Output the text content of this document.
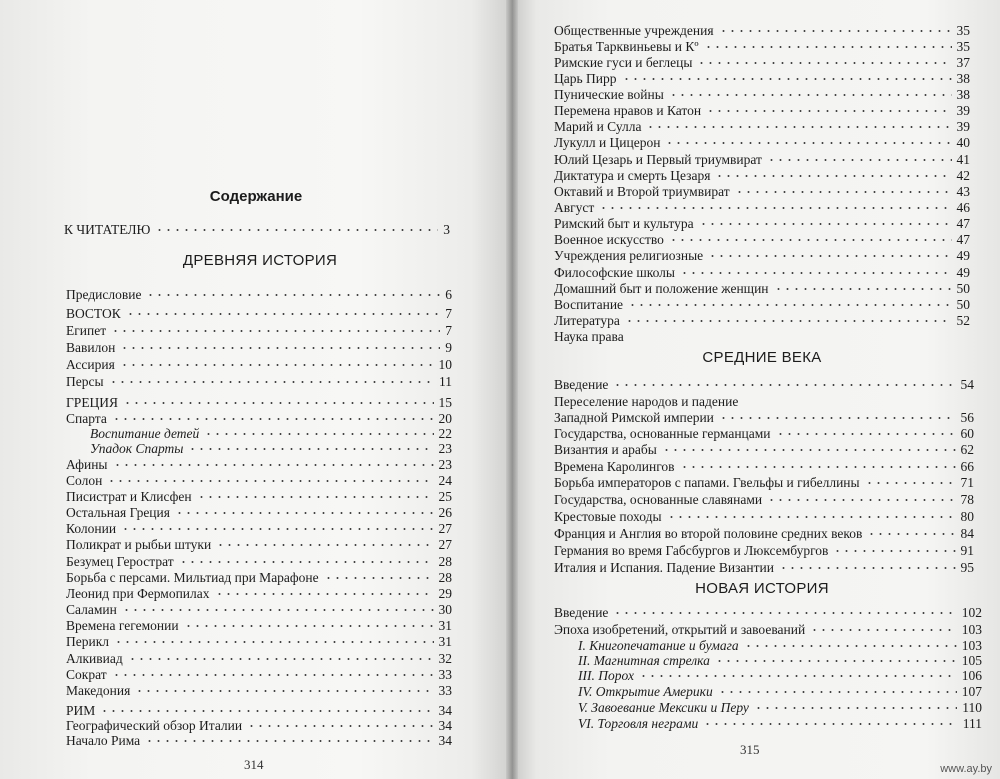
Содержание
ДРЕВНЯЯ ИСТОРИЯ
К ЧИТАТЕЛЮ	3
Предисловие	6
ВОСТОК	7
Египет	7
Вавилон	9
Ассирия	10
Персы	11
ГРЕЦИЯ	15
Спарта	20
Воспитание детей	22
Упадок Спарты	23
Афины	23
Солон	24
Писистрат и Клисфен	25
Остальная Греция	26
Колонии	27
Поликрат и рыбьи штуки	27
Безумец Герострат	28
Борьба с персами. Мильтиад при Марафоне	28
Леонид при Фермопилах	29
Саламин	30
Времена гегемонии	31
Перикл	31
Алкивиад	32
Сократ	33
Македония	33
РИМ	34
Географический обзор Италии	34
Начало Рима	34
314
СРЕДНИЕ ВЕКА
НОВАЯ ИСТОРИЯ
Общественные учреждения	35
Братья Тарквиньевы и Кº	35
Римские гуси и беглецы	37
Царь Пирр	38
Пунические войны	38
Перемена нравов и Катон	39
Марий и Сулла	39
Лукулл и Цицерон	40
Юлий Цезарь и Первый триумвират	41
Диктатура и смерть Цезаря	42
Октавий и Второй триумвират	43
Август	46
Римский быт и культура	47
Военное искусство	47
Учреждения религиозные	49
Философские школы	49
Домашний быт и положение женщин	50
Воспитание	50
Литература	52
Наука права
Введение	54
Переселение народов и падение
Западной Римской империи	56
Государства, основанные германцами	60
Византия и арабы	62
Времена Каролингов	66
Борьба императоров с папами. Гвельфы и гибеллины	71
Государства, основанные славянами	78
Крестовые походы	80
Франция и Англия во второй половине средних веков	84
Германия во время Габсбургов и Люксембургов	91
Италия и Испания. Падение Византии	95
Введение	102
Эпоха изобретений, открытий и завоеваний	103
I. Книгопечатание и бумага	103
II. Магнитная стрелка	105
III. Порох	106
IV. Открытие Америки	107
V. Завоевание Мексики и Перу	110
VI. Торговля неграми	111
315
www.ay.by
